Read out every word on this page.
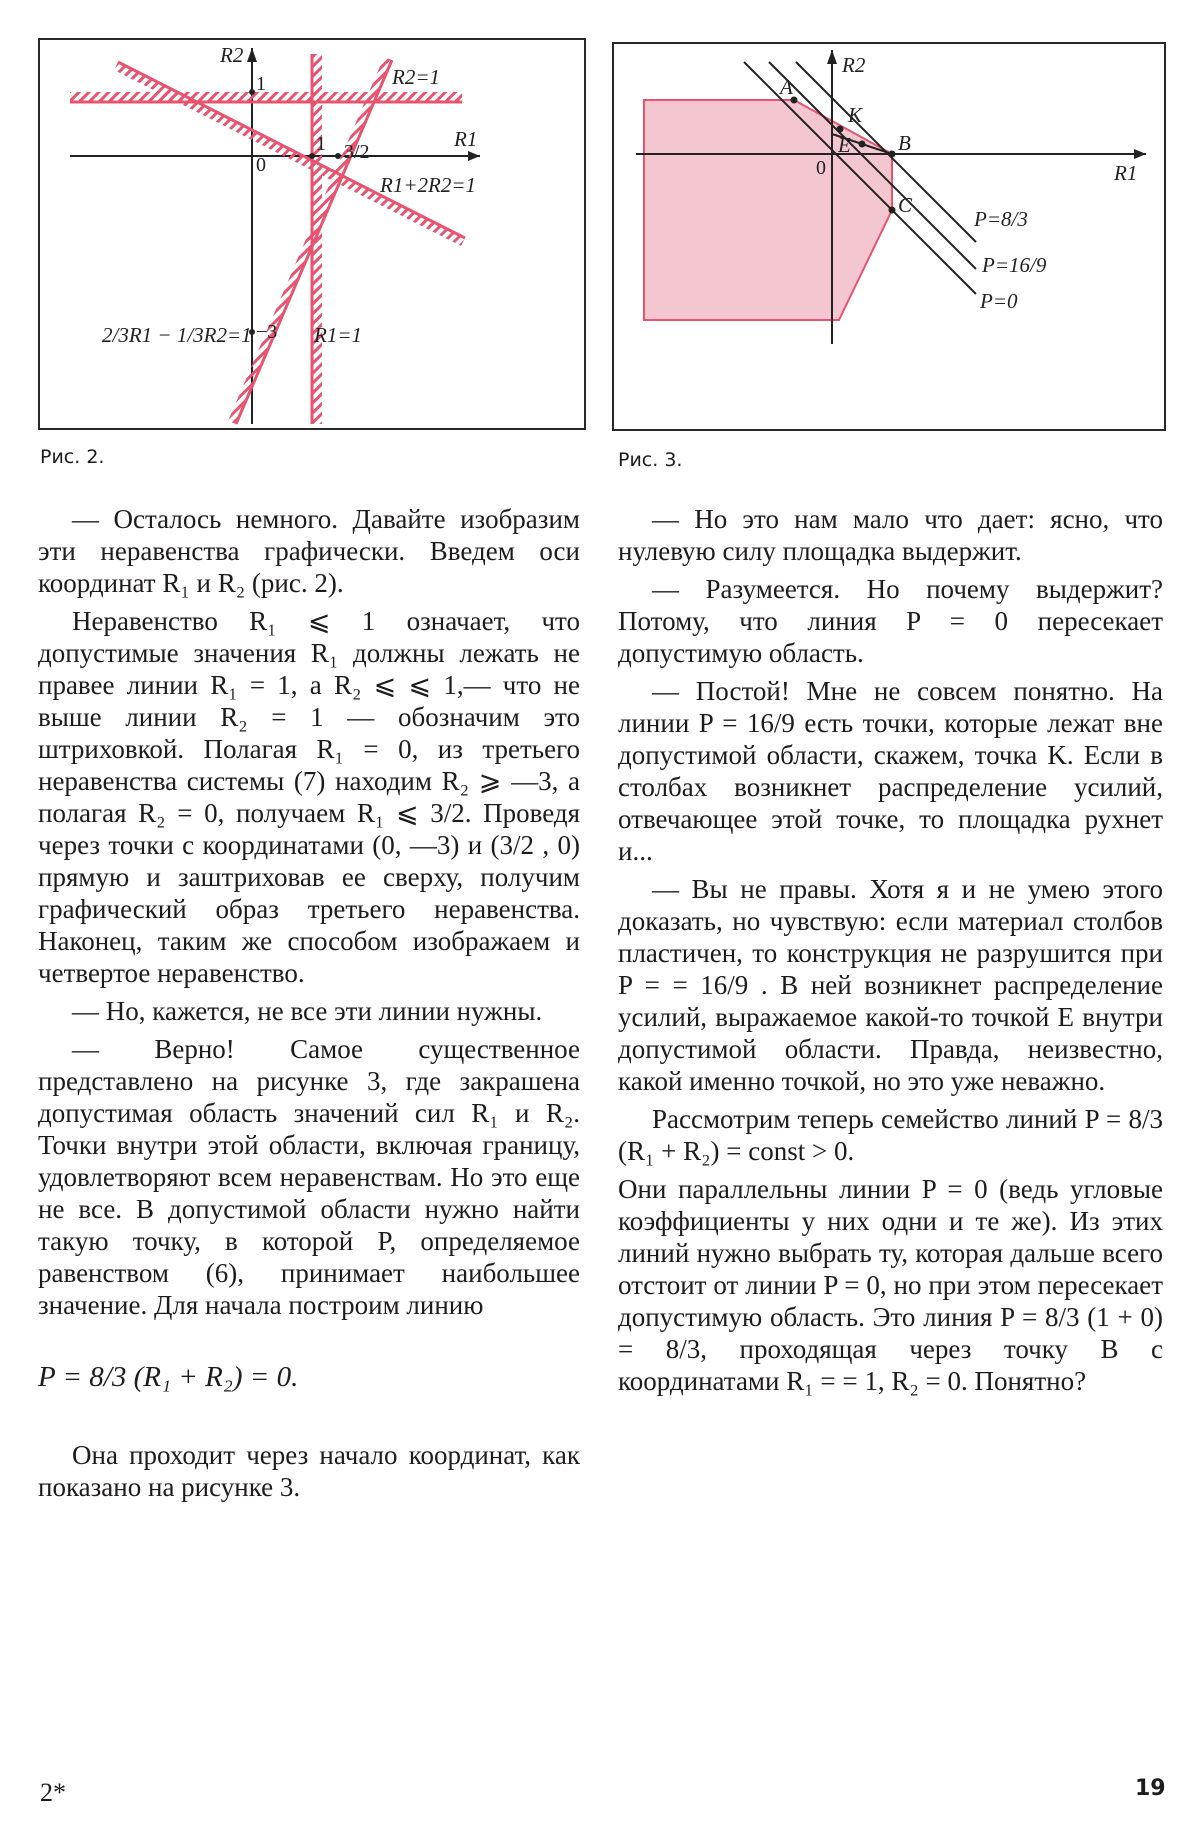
R2
R1
0
1
1 3/2
−3
R2=1
R1+2R2=1
2/3R1 − 1/3R2=1	R1=1
Рис. 2.
R2
R1
0
A
B
C
E
K
P=8/3
P=16/9
P=0
Рис. 3.

— Осталось немного. Давайте изобразим эти неравенства графически. Введем оси координат R₁ и R₂ (рис. 2).

Неравенство R₁ ⩽ 1 означает, что допустимые значения R₁ должны лежать не правее линии R₁ = 1, а R₂ ⩽ ⩽ 1,— что не выше линии R₂ = 1 — обозначим это штриховкой. Полагая R₁ = 0, из третьего неравенства системы (7) находим R₂ ⩾ —3, а полагая R₂ = 0, получаем R₁ ⩽ 3/2. Проведя через точки с координатами (0, —3) и (3/2 , 0) прямую и заштриховав ее сверху, получим графический образ третьего неравенства. Наконец, таким же способом изображаем и четвертое неравенство.

— Но, кажется, не все эти линии нужны.

— Верно! Самое существенное представлено на рисунке 3, где закрашена допустимая область значений сил R₁ и R₂. Точки внутри этой области, включая границу, удовлетворяют всем неравенствам. Но это еще не все. В допустимой области нужно найти такую точку, в которой P, определяемое равенством (6), принимает наибольшее значение. Для начала построим линию

P = 8/3 (R₁ + R₂) = 0.

Она проходит через начало координат, как показано на рисунке 3.

— Но это нам мало что дает: ясно, что нулевую силу площадка выдержит.

— Разумеется. Но почему выдержит? Потому, что линия P = 0 пересекает допустимую область.

— Постой! Мне не совсем понятно. На линии P = 16/9 есть точки, которые лежат вне допустимой области, скажем, точка K. Если в столбах возникнет распределение усилий, отвечающее этой точке, то площадка рухнет и...

— Вы не правы. Хотя я и не умею этого доказать, но чувствую: если материал столбов пластичен, то конструкция не разрушится при P = = 16/9 . В ней возникнет распределение усилий, выражаемое какой-то точкой E внутри допустимой области. Правда, неизвестно, какой именно точкой, но это уже неважно.

Рассмотрим теперь семейство линий P = 8/3 (R₁ + R₂) = const > 0.

Они параллельны линии P = 0 (ведь угловые коэффициенты у них одни и те же). Из этих линий нужно выбрать ту, которая дальше всего отстоит от линии P = 0, но при этом пересекает допустимую область. Это линия P = 8/3 (1 + 0) = 8/3, проходящая через точку B с координатами R₁ = = 1, R₂ = 0. Понятно?

2*	19
